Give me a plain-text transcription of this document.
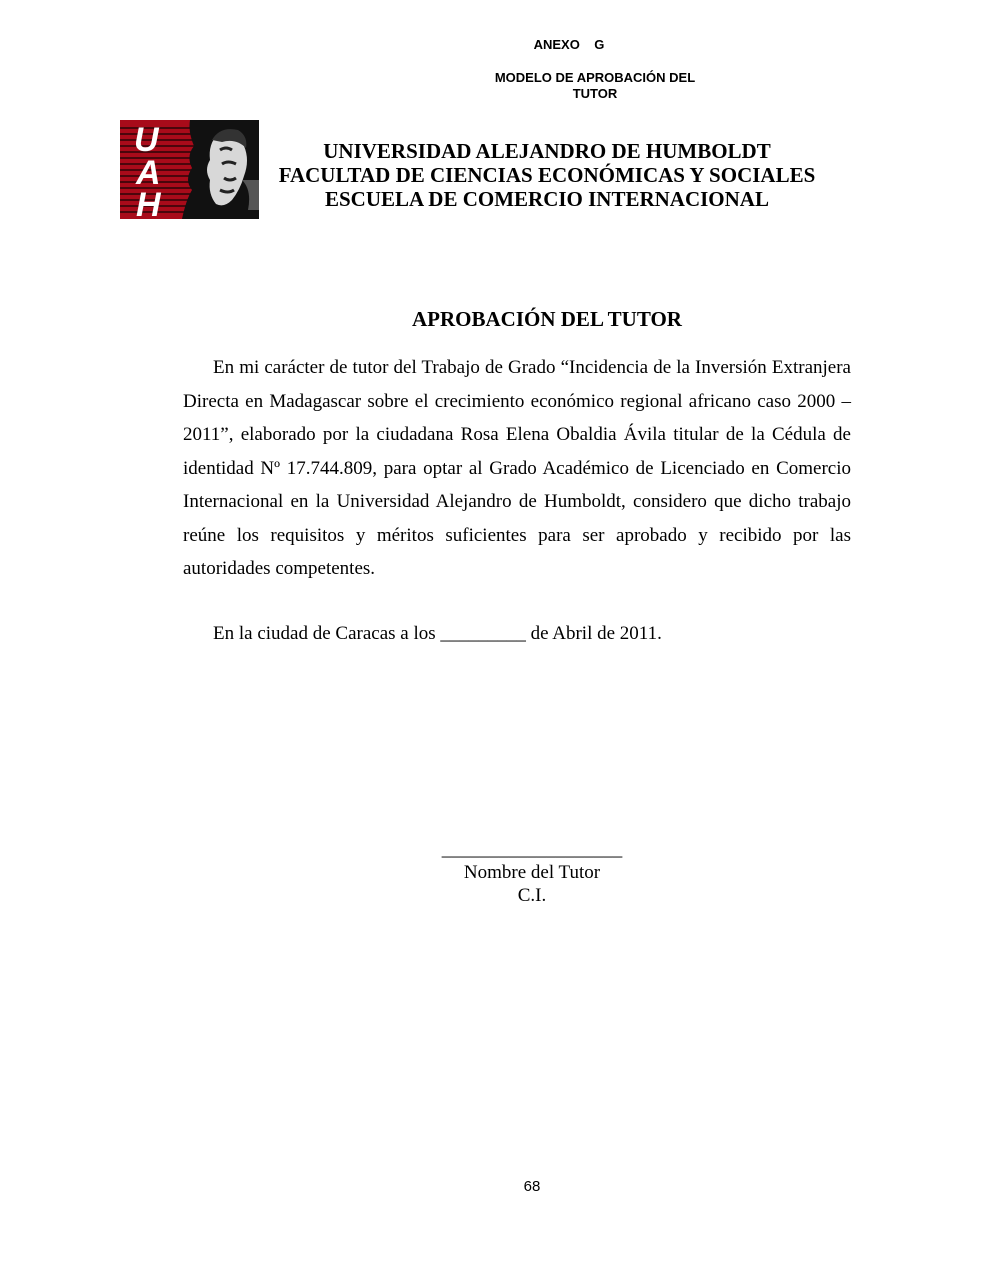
ANEXO    G
MODELO DE APROBACIÓN DEL
TUTOR
U
A
H
UNIVERSIDAD ALEJANDRO DE HUMBOLDT
FACULTAD DE CIENCIAS ECONÓMICAS Y SOCIALES
ESCUELA DE COMERCIO INTERNACIONAL
APROBACIÓN DEL TUTOR

En mi carácter de tutor del Trabajo de Grado “Incidencia de la Inversión Extranjera Directa en Madagascar sobre el crecimiento económico regional africano caso 2000 – 2011”, elaborado por la ciudadana Rosa Elena Obaldia Ávila titular de la Cédula de identidad Nº 17.744.809, para optar al Grado Académico de Licenciado en Comercio Internacional en la Universidad Alejandro de Humboldt, considero que dicho trabajo reúne los requisitos y méritos suficientes para ser aprobado y recibido por las autoridades competentes.

En la ciudad de Caracas a los _________ de Abril de 2011.
___________________
Nombre del Tutor
C.I.
68
